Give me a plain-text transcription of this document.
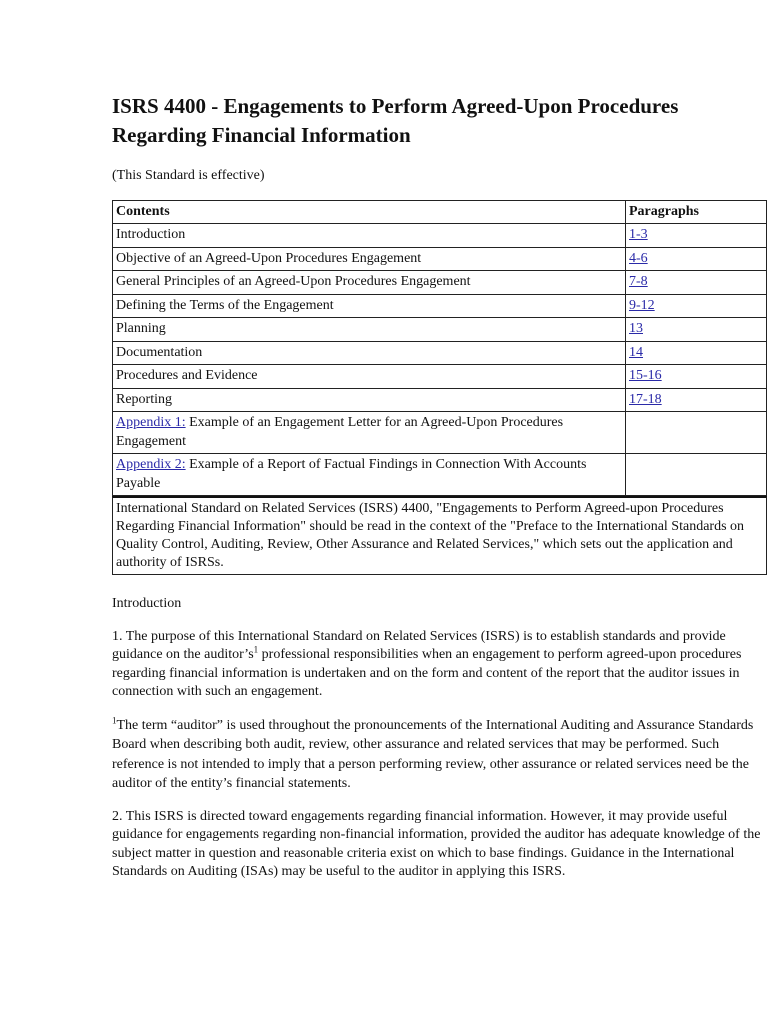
ISRS 4400 - Engagements to Perform Agreed-Upon Procedures Regarding Financial Information

(This Standard is effective)

Contents	Paragraphs
Introduction	1-3
Objective of an Agreed-Upon Procedures Engagement	4-6
General Principles of an Agreed-Upon Procedures Engagement	7-8
Defining the Terms of the Engagement	9-12
Planning	13
Documentation	14
Procedures and Evidence	15-16
Reporting	17-18
Appendix 1: Example of an Engagement Letter for an Agreed-Upon Procedures Engagement	
Appendix 2: Example of a Report of Factual Findings in Connection With Accounts Payable	
International Standard on Related Services (ISRS) 4400, "Engagements to Perform Agreed-upon Procedures Regarding Financial Information" should be read in the context of the "Preface to the International Standards on Quality Control, Auditing, Review, Other Assurance and Related Services," which sets out the application and authority of ISRSs.

Introduction

1. The purpose of this International Standard on Related Services (ISRS) is to establish standards and provide guidance on the $auditor’s^1$ professional responsibilities when an engagement to perform agreed-upon procedures regarding financial information is undertaken and on the form and content of the report that the auditor issues in connection with such an engagement.

$^1$The term “auditor” is used throughout the pronouncements of the International Auditing and Assurance Standards Board when describing both audit, review, other assurance and related services that may be performed. Such reference is not intended to imply that a person performing review, other assurance or related services need be the auditor of the entity’s financial statements.

2. This ISRS is directed toward engagements regarding financial information. However, it may provide useful guidance for engagements regarding non-financial information, provided the auditor has adequate knowledge of the subject matter in question and reasonable criteria exist on which to base findings. Guidance in the International Standards on Auditing (ISAs) may be useful to the auditor in applying this ISRS.
